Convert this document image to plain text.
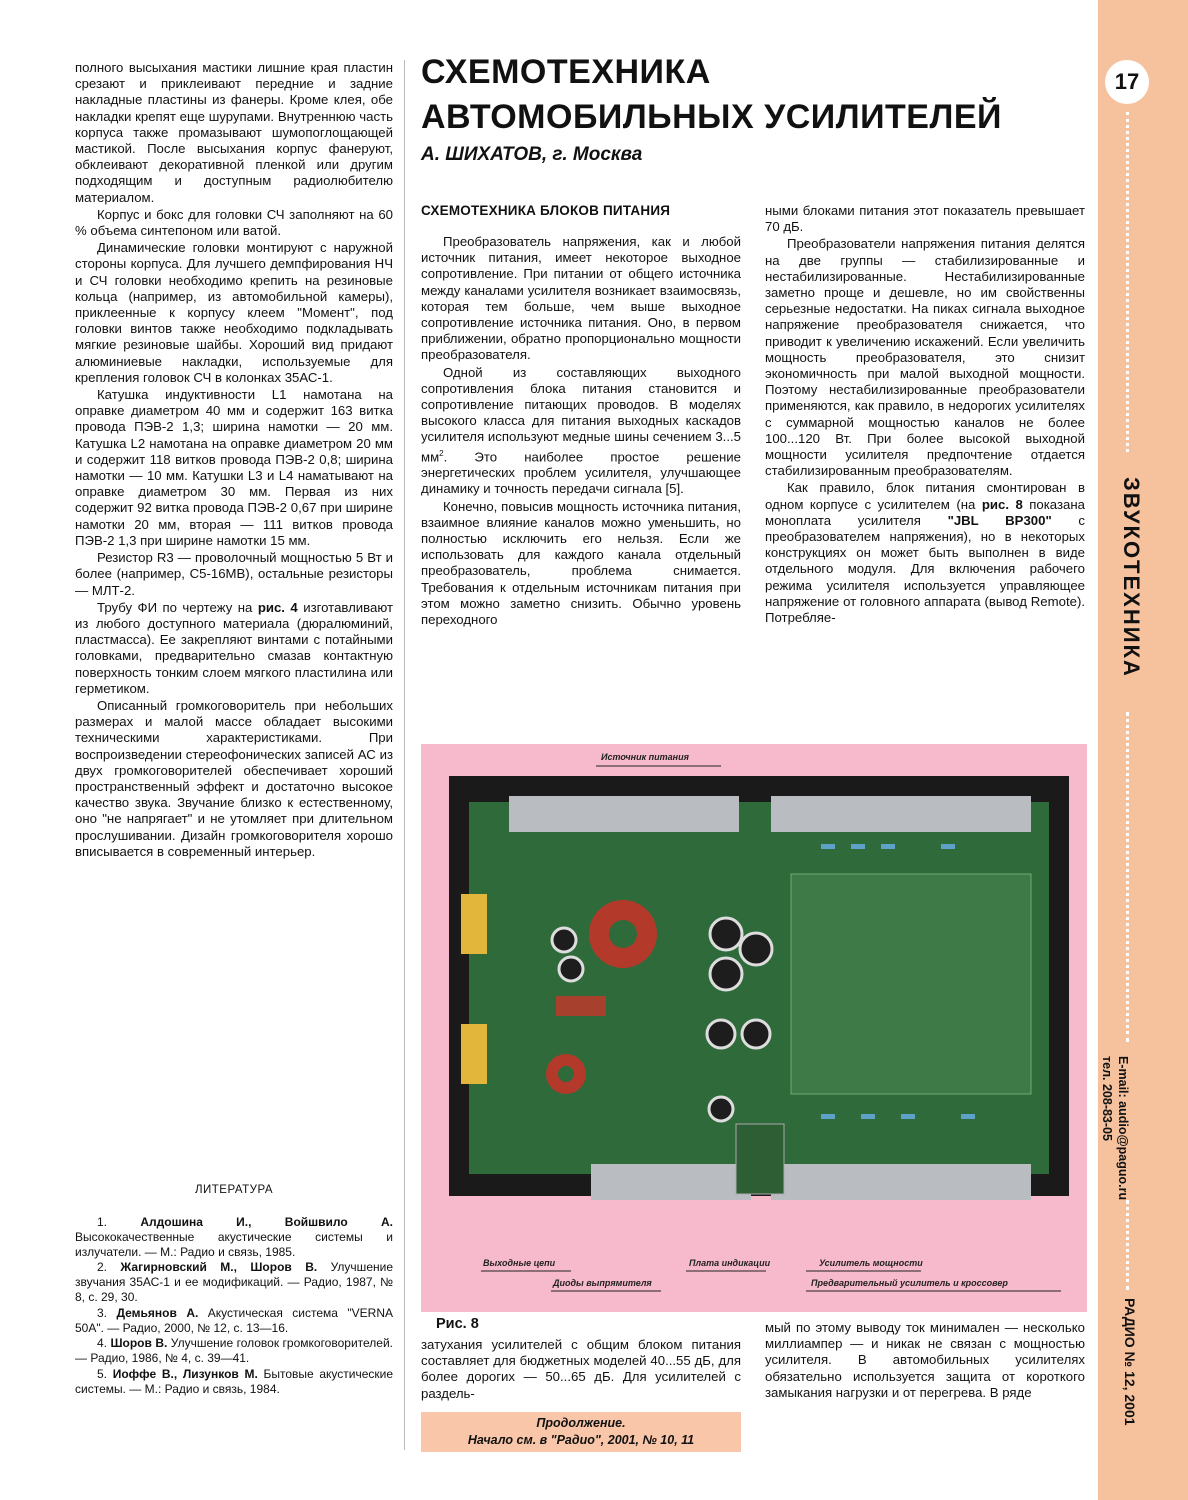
полного высыхания мастики лишние края пластин срезают и приклеивают передние и задние накладные пластины из фанеры. Кроме клея, обе накладки крепят еще шурупами. Внутреннюю часть корпуса также промазывают шумопоглощающей мастикой. После высыхания корпус фанеруют, обклеивают декоративной пленкой или другим подходящим и доступным радиолюбителю материалом.

Корпус и бокс для головки СЧ заполняют на 60 % объема синтепоном или ватой.

Динамические головки монтируют с наружной стороны корпуса. Для лучшего демпфирования НЧ и СЧ головки необходимо крепить на резиновые кольца (например, из автомобильной камеры), приклеенные к корпусу клеем "Момент", под головки винтов также необходимо подкладывать мягкие резиновые шайбы. Хороший вид придают алюминиевые накладки, используемые для крепления головок СЧ в колонках 35АС-1.

Катушка индуктивности L1 намотана на оправке диаметром 40 мм и содержит 163 витка провода ПЭВ-2 1,3; ширина намотки — 20 мм. Катушка L2 намотана на оправке диаметром 20 мм и содержит 118 витков провода ПЭВ-2 0,8; ширина намотки — 10 мм. Катушки L3 и L4 наматывают на оправке диаметром 30 мм. Первая из них содержит 92 витка провода ПЭВ-2 0,67 при ширине намотки 20 мм, вторая — 111 витков провода ПЭВ-2 1,3 при ширине намотки 15 мм.

Резистор R3 — проволочный мощностью 5 Вт и более (например, С5-16МВ), остальные резисторы — МЛТ-2.

Трубу ФИ по чертежу на рис. 4 изготавливают из любого доступного материала (дюралюминий, пластмасса). Ее закрепляют винтами с потайными головками, предварительно смазав контактную поверхность тонким слоем мягкого пластилина или герметиком.

Описанный громкоговоритель при небольших размерах и малой массе обладает высокими техническими характеристиками. При воспроизведении стереофонических записей АС из двух громкоговорителей обеспечивает хороший пространственный эффект и достаточно высокое качество звука. Звучание близко к естественному, оно "не напрягает" и не утомляет при длительном прослушивании. Дизайн громкоговорителя хорошо вписывается в современный интерьер.

ЛИТЕРАТУРА
1. Алдошина И., Войшвило А. Высококачественные акустические системы и излучатели. — М.: Радио и связь, 1985.
2. Жагирновский М., Шоров В. Улучшение звучания 35АС-1 и ее модификаций. — Радио, 1987, № 8, с. 29, 30.
3. Демьянов А. Акустическая система "VERNA 50A". — Радио, 2000, № 12, с. 13—16.
4. Шоров В. Улучшение головок громкоговорителей. — Радио, 1986, № 4, с. 39—41.
5. Иоффе В., Лизунков М. Бытовые акустические системы. — М.: Радио и связь, 1984.
СХЕМОТЕХНИКА
АВТОМОБИЛЬНЫХ УСИЛИТЕЛЕЙ
А. ШИХАТОВ, г. Москва
СХЕМОТЕХНИКА БЛОКОВ ПИТАНИЯ

Преобразователь напряжения, как и любой источник питания, имеет некоторое выходное сопротивление. При питании от общего источника между каналами усилителя возникает взаимосвязь, которая тем больше, чем выше выходное сопротивление источника питания. Оно, в первом приближении, обратно пропорционально мощности преобразователя.

Одной из составляющих выходного сопротивления блока питания становится и сопротивление питающих проводов. В моделях высокого класса для питания выходных каскадов усилителя используют медные шины сечением 3...5 $мм^2$. Это наиболее простое решение энергетических проблем усилителя, улучшающее динамику и точность передачи сигнала [5].

Конечно, повысив мощность источника питания, взаимное влияние каналов можно уменьшить, но полностью исключить его нельзя. Если же использовать для каждого канала отдельный преобразователь, проблема снимается. Требования к отдельным источникам питания при этом можно заметно снизить. Обычно уровень переходного

ными блоками питания этот показатель превышает 70 дБ.

Преобразователи напряжения питания делятся на две группы — стабилизированные и нестабилизированные. Нестабилизированные заметно проще и дешевле, но им свойственны серьезные недостатки. На пиках сигнала выходное напряжение преобразователя снижается, что приводит к увеличению искажений. Если увеличить мощность преобразователя, это снизит экономичность при малой выходной мощности. Поэтому нестабилизированные преобразователи применяются, как правило, в недорогих усилителях с суммарной мощностью каналов не более 100...120 Вт. При более высокой выходной мощности усилителя предпочтение отдается стабилизированным преобразователям.

Как правило, блок питания смонтирован в одном корпусе с усилителем (на рис. 8 показана моноплата усилителя "JBL BP300" с преобразователем напряжения), но в некоторых конструкциях он может быть выполнен в виде отдельного модуля. Для включения рабочего режима усилителя используется управляющее напряжение от головного аппарата (вывод Remote). Потребляе-

Источник питания
Выходные цепи
Диоды выпрямителя
Плата индикации	Усилитель мощности
Предварительный усилитель и кроссовер
Рис. 8

затухания усилителей с общим блоком питания составляет для бюджетных моделей 40...55 дБ, для более дорогих — 50...65 дБ. Для усилителей с раздель-

мый по этому выводу ток минимален — несколько миллиампер — и никак не связан с мощностью усилителя. В автомобильных усилителях обязательно используется защита от короткого замыкания нагрузки и от перегрева. В ряде

Продолжение.
Начало см. в "Радио", 2001, № 10, 11
17
ЗВУКОТЕХНИКА
E-mail: audio@paguo.ru
тел. 208-83-05
РАДИО № 12, 2001
